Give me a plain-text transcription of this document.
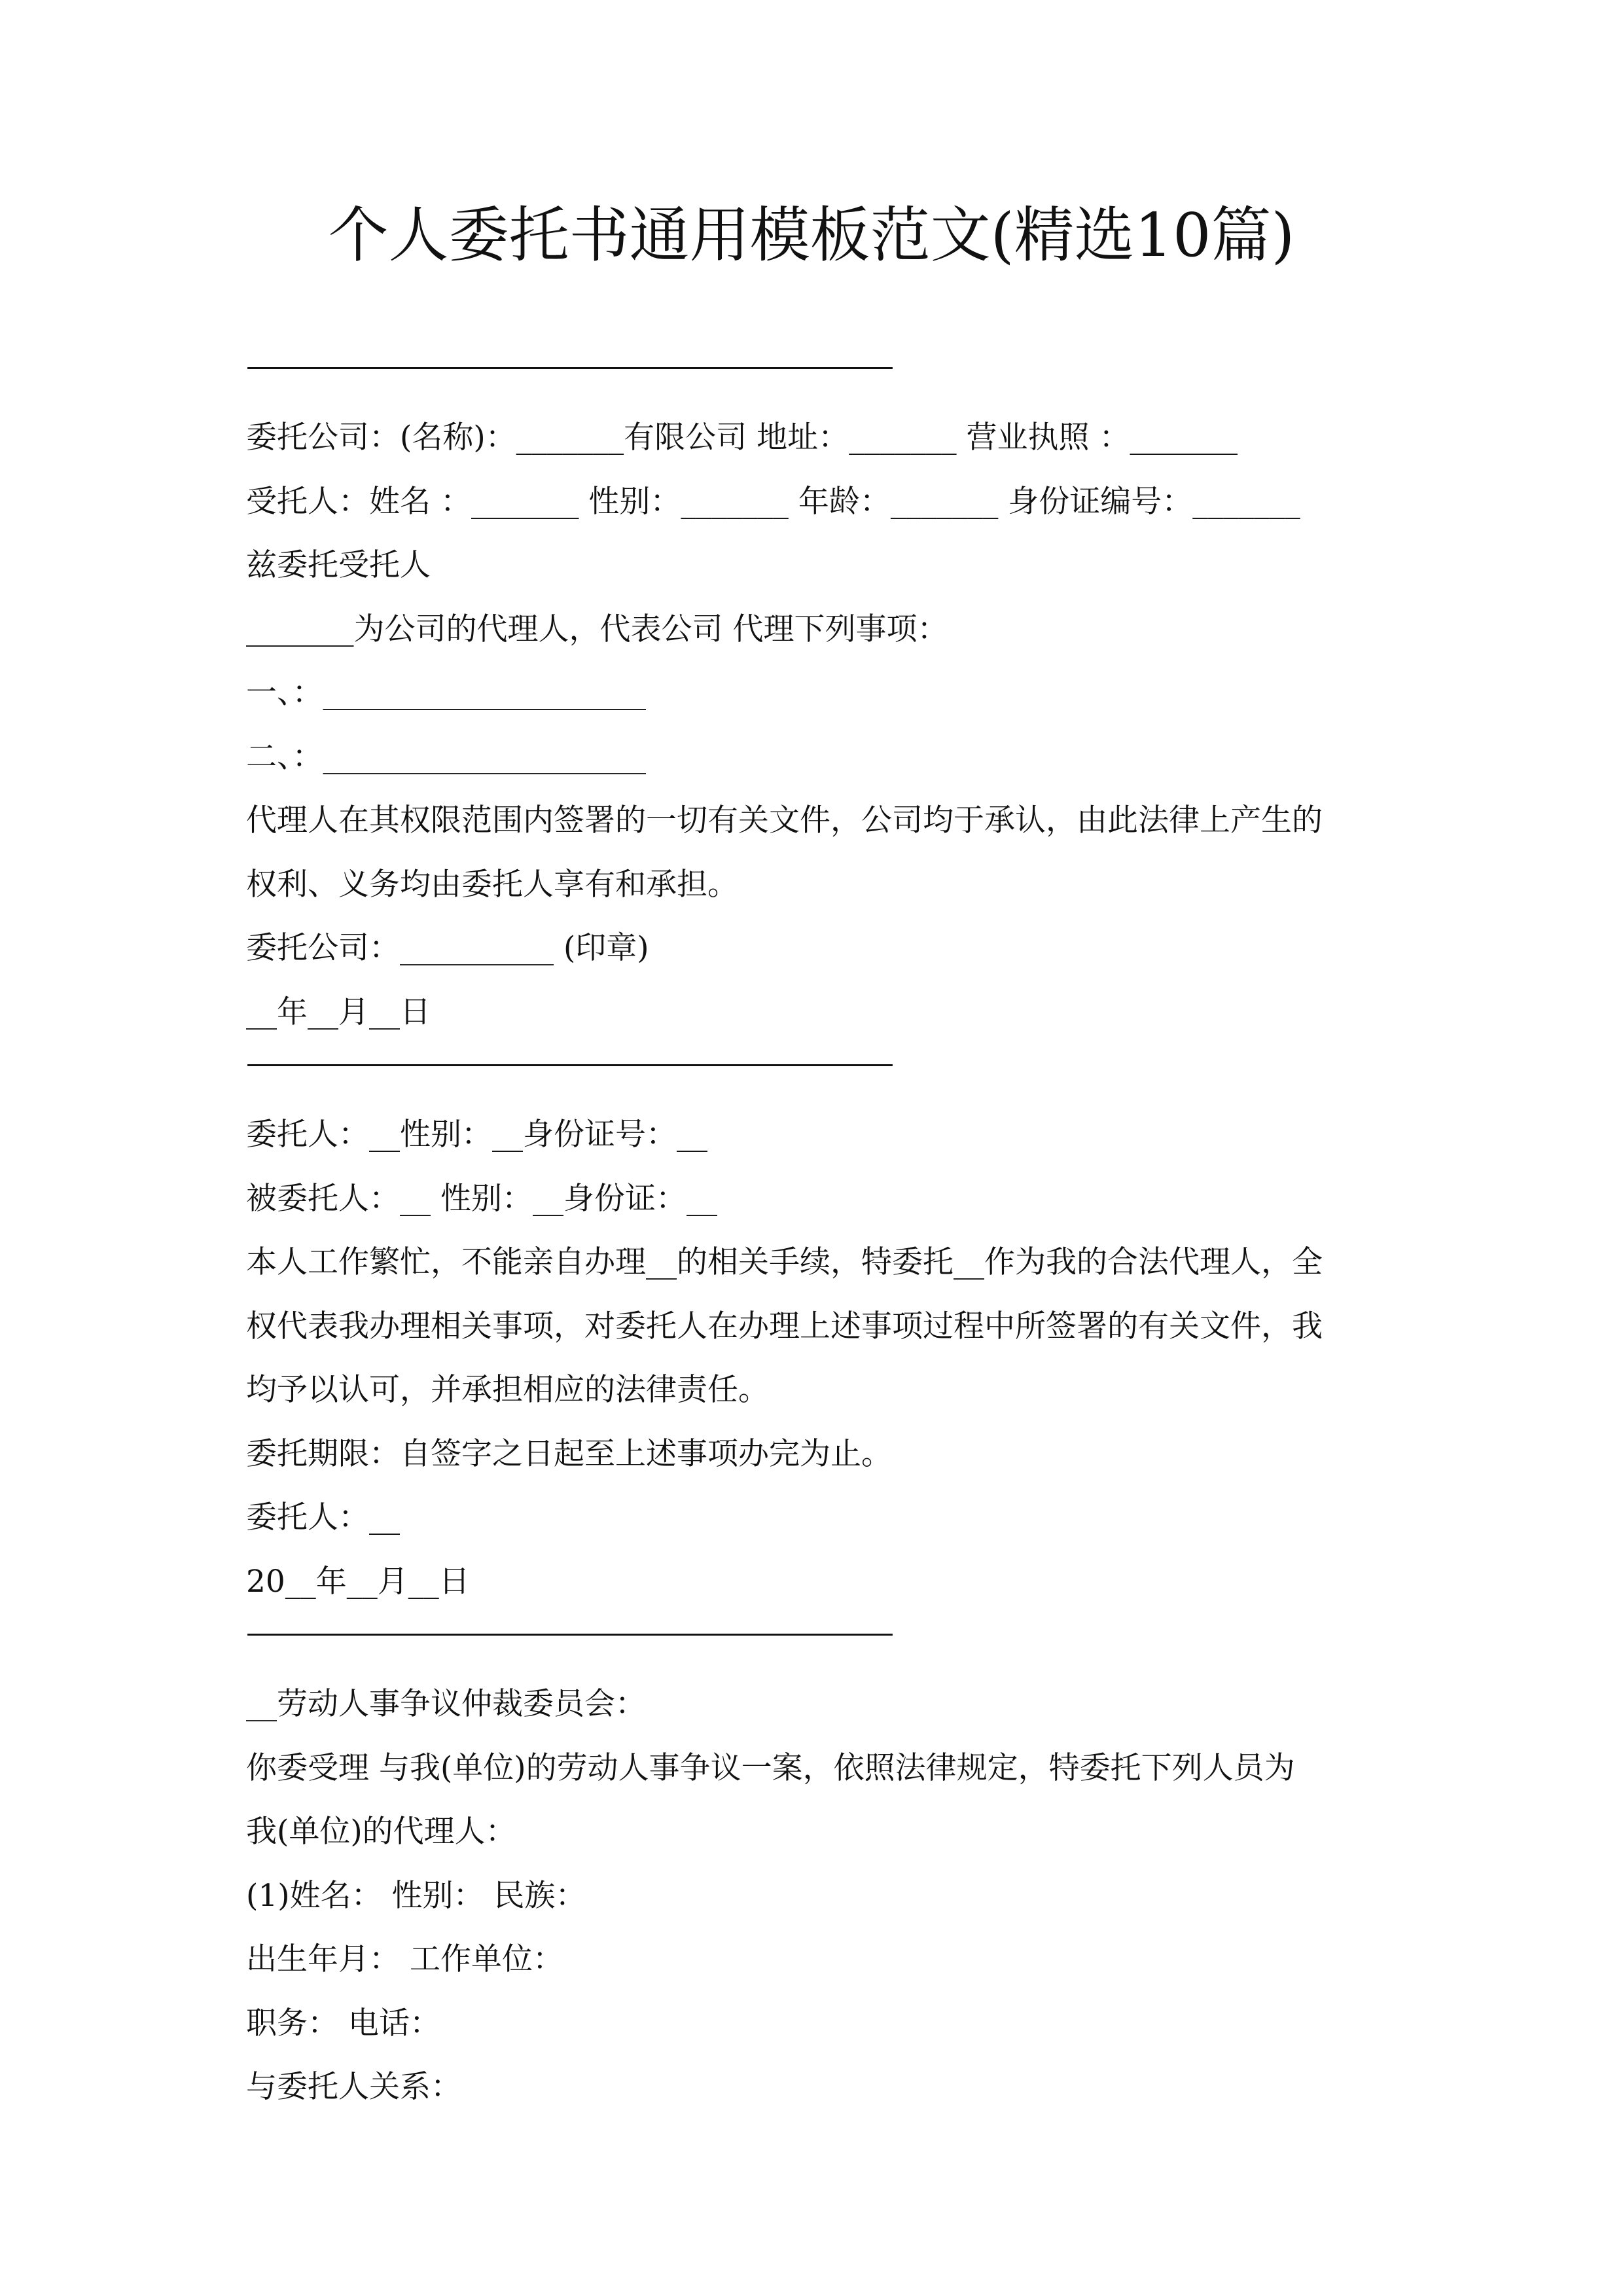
个人委托书通用模板范文(精选10篇)
————————————————————————
委托公司：(名称)：_______有限公司 地址：_______ 营业执照 ：_______
受托人：姓名 ：_______ 性别：_______ 年龄：_______ 身份证编号：_______
兹委托受托人
_______为公司的代理人，代表公司 代理下列事项：
一、：_____________________
二、：_____________________
代理人在其权限范围内签署的一切有关文件，公司均于承认，由此法律上产生的
权利、义务均由委托人享有和承担。
委托公司：__________ (印章)
__年__月__日
————————————————————————
委托人：__性别：__身份证号：__
被委托人：__ 性别：__身份证：__
本人工作繁忙，不能亲自办理__的相关手续，特委托__作为我的合法代理人，全
权代表我办理相关事项，对委托人在办理上述事项过程中所签署的有关文件，我
均予以认可，并承担相应的法律责任。
委托期限：自签字之日起至上述事项办完为止。
委托人：__
20__年__月__日
————————————————————————
__劳动人事争议仲裁委员会：
你委受理 与我(单位)的劳动人事争议一案，依照法律规定，特委托下列人员为
我(单位)的代理人：
(1)姓名： 性别： 民族：
出生年月： 工作单位：
职务： 电话：
与委托人关系：
